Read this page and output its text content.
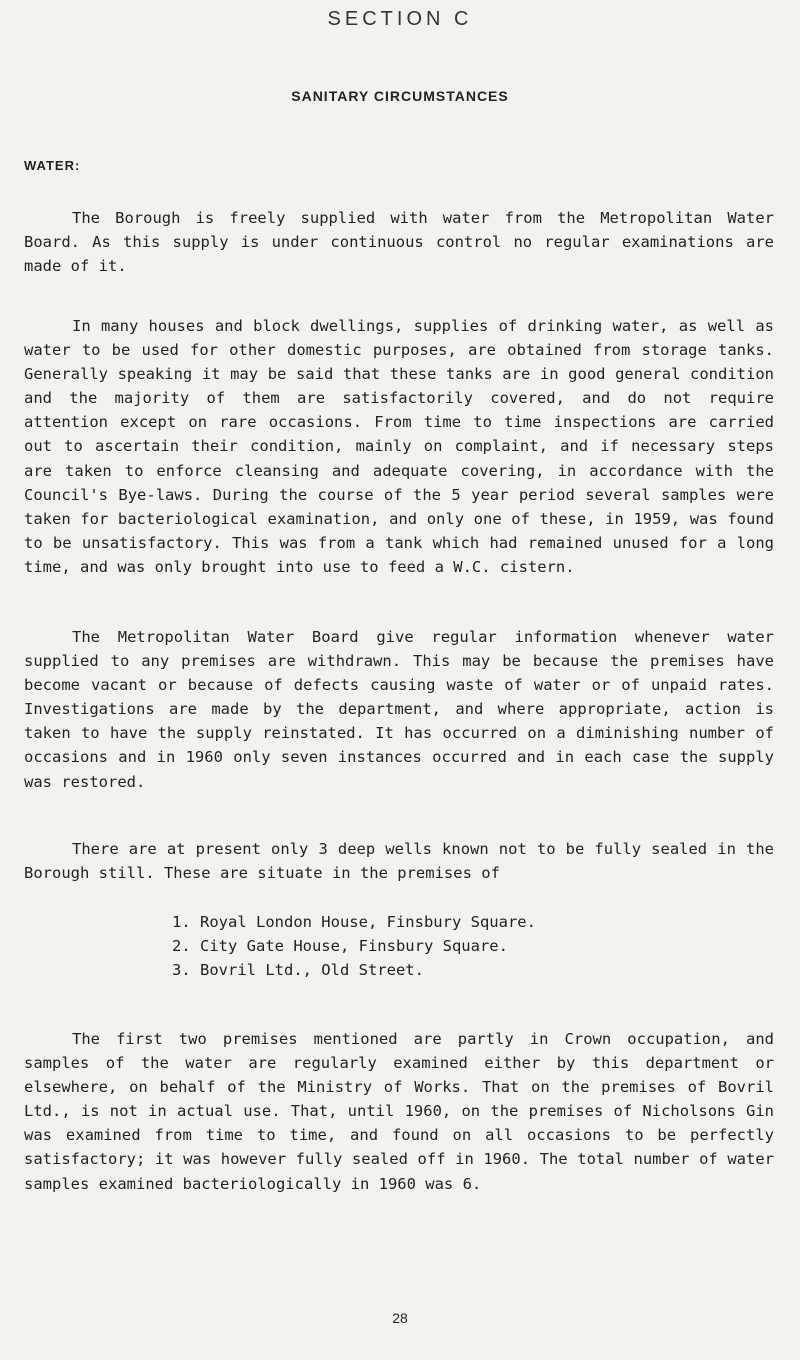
SECTION C
SANITARY CIRCUMSTANCES
WATER:

The Borough is freely supplied with water from the Metropolitan Water Board. As this supply is under continuous control no regular examinations are made of it.

In many houses and block dwellings, supplies of drinking water, as well as water to be used for other domestic purposes, are obtained from storage tanks. Generally speaking it may be said that these tanks are in good general condition and the majority of them are satisfactorily covered, and do not require attention except on rare occasions. From time to time inspections are carried out to ascertain their condition, mainly on complaint, and if necessary steps are taken to enforce cleansing and adequate covering, in accordance with the Council's Bye-laws. During the course of the 5 year period several samples were taken for bacteriological examination, and only one of these, in 1959, was found to be unsatisfactory. This was from a tank which had remained unused for a long time, and was only brought into use to feed a W.C. cistern.

The Metropolitan Water Board give regular information whenever water supplied to any premises are withdrawn. This may be because the premises have become vacant or because of defects causing waste of water or of unpaid rates. Investigations are made by the department, and where appropriate, action is taken to have the supply reinstated. It has occurred on a diminishing number of occasions and in 1960 only seven instances occurred and in each case the supply was restored.

There are at present only 3 deep wells known not to be fully sealed in the Borough still. These are situate in the premises of

1. Royal London House, Finsbury Square.
2. City Gate House, Finsbury Square.
3. Bovril Ltd., Old Street.

The first two premises mentioned are partly in Crown occupation, and samples of the water are regularly examined either by this department or elsewhere, on behalf of the Ministry of Works. That on the premises of Bovril Ltd., is not in actual use. That, until 1960, on the premises of Nicholsons Gin was examined from time to time, and found on all occasions to be perfectly satisfactory; it was however fully sealed off in 1960. The total number of water samples examined bacteriologically in 1960 was 6.

28
